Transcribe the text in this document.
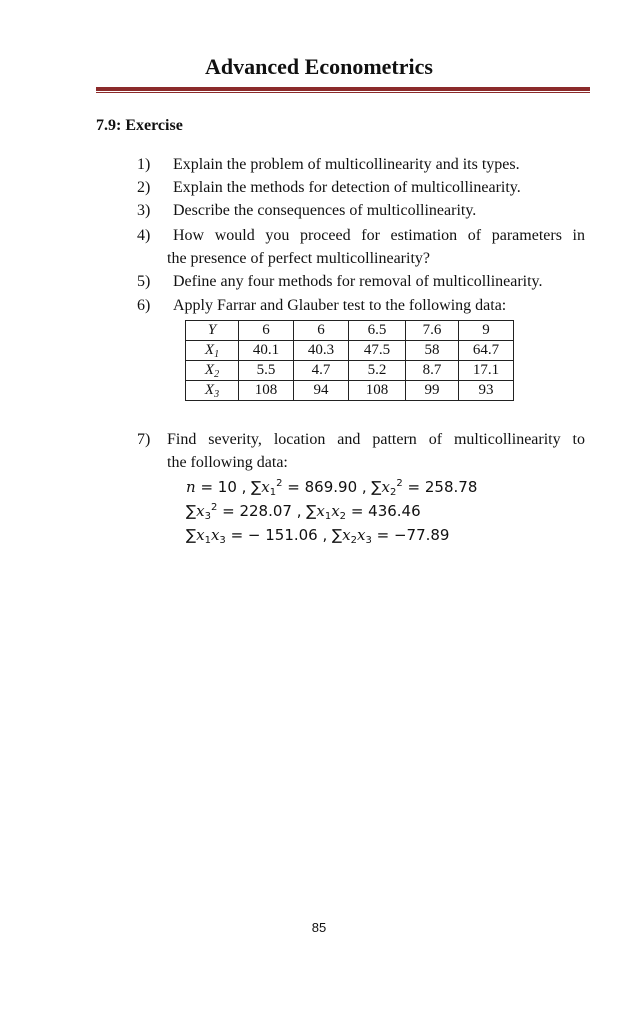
Advanced Econometrics
7.9: Exercise
1) Explain the problem of multicollinearity and its types.
2) Explain the methods for detection of multicollinearity.
3) Describe the consequences of multicollinearity.
4) How would you proceed for estimation of parameters in
the presence of perfect multicollinearity?
5) Define any four methods for removal of multicollinearity.
6) Apply Farrar and Glauber test to the following data:
Y	6	6	6.5	7.6	9
$X_1$	40.1	40.3	47.5	58	64.7
$X_2$	5.5	4.7	5.2	8.7	17.1
$X_3$	108	94	108	99	93
7) Find severity, location and pattern of multicollinearity to
the following data:
n = 10 , $\sum x_1^2 = 869.90$ , $\sum x_2^2 = 258.78$
$\sum x_3^2 = 228.07$ , $\sum x_1x_2 = 436.46$
$\sum x_1x_3$ = − 151.06 , $\sum x_2x_3 = -77.89$
85
